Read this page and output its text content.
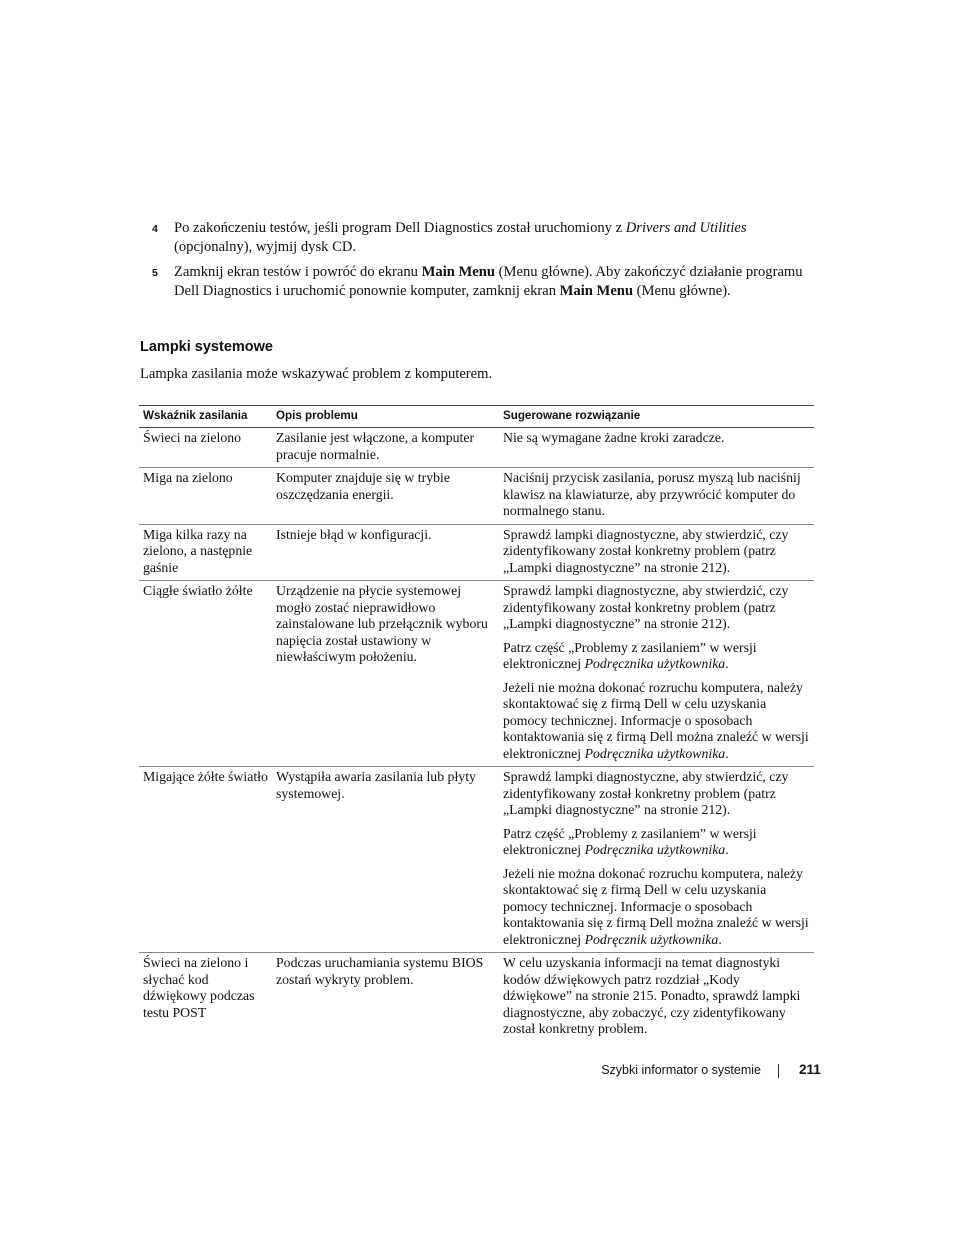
4 Po zakończeniu testów, jeśli program Dell Diagnostics został uruchomiony z Drivers and Utilities
(opcjonalny), wyjmij dysk CD.
5 Zamknij ekran testów i powróć do ekranu Main Menu (Menu główne). Aby zakończyć działanie programu Dell Diagnostics i uruchomić ponownie komputer, zamknij ekran Main Menu (Menu główne).
Lampki systemowe
Lampka zasilania może wskazywać problem z komputerem.
Wskaźnik zasilania	Opis problemu	Sugerowane rozwiązanie
Świeci na zielono	Zasilanie jest włączone, a komputer pracuje normalnie.	Nie są wymagane żadne kroki zaradcze.

Miga na zielono	Komputer znajduje się w trybie oszczędzania energii.	Naciśnij przycisk zasilania, porusz myszą lub naciśnij klawisz na klawiaturze, aby przywrócić komputer do normalnego stanu.

Miga kilka razy na zielono, a następnie gaśnie	Istnieje błąd w konfiguracji.	Sprawdź lampki diagnostyczne, aby stwierdzić, czy zidentyfikowany został konkretny problem (patrz „Lampki diagnostyczne” na stronie 212).

Ciągłe światło żółte	Urządzenie na płycie systemowej mogło zostać nieprawidłowo zainstalowane lub przełącznik wyboru napięcia został ustawiony w niewłaściwym położeniu.	Sprawdź lampki diagnostyczne, aby stwierdzić, czy zidentyfikowany został konkretny problem (patrz „Lampki diagnostyczne” na stronie 212).

Patrz część „Problemy z zasilaniem” w wersji elektronicznej Podręcznika użytkownika.

Jeżeli nie można dokonać rozruchu komputera, należy skontaktować się z firmą Dell w celu uzyskania pomocy technicznej. Informacje o sposobach kontaktowania się z firmą Dell można znaleźć w wersji elektronicznej Podręcznika użytkownika.

Migające żółte światło	Wystąpiła awaria zasilania lub płyty systemowej.	Sprawdź lampki diagnostyczne, aby stwierdzić, czy zidentyfikowany został konkretny problem (patrz „Lampki diagnostyczne” na stronie 212).

Patrz część „Problemy z zasilaniem” w wersji elektronicznej Podręcznika użytkownika.

Jeżeli nie można dokonać rozruchu komputera, należy skontaktować się z firmą Dell w celu uzyskania pomocy technicznej. Informacje o sposobach kontaktowania się z firmą Dell można znaleźć w wersji elektronicznej Podręcznik użytkownika.

Świeci na zielono i słychać kod dźwiękowy podczas testu POST	Podczas uruchamiania systemu BIOS zostań wykryty problem.	W celu uzyskania informacji na temat diagnostyki kodów dźwiękowych patrz rozdział „Kody dźwiękowe” na stronie 215. Ponadto, sprawdź lampki diagnostyczne, aby zobaczyć, czy zidentyfikowany został konkretny problem.

Szybki informator o systemie	211
